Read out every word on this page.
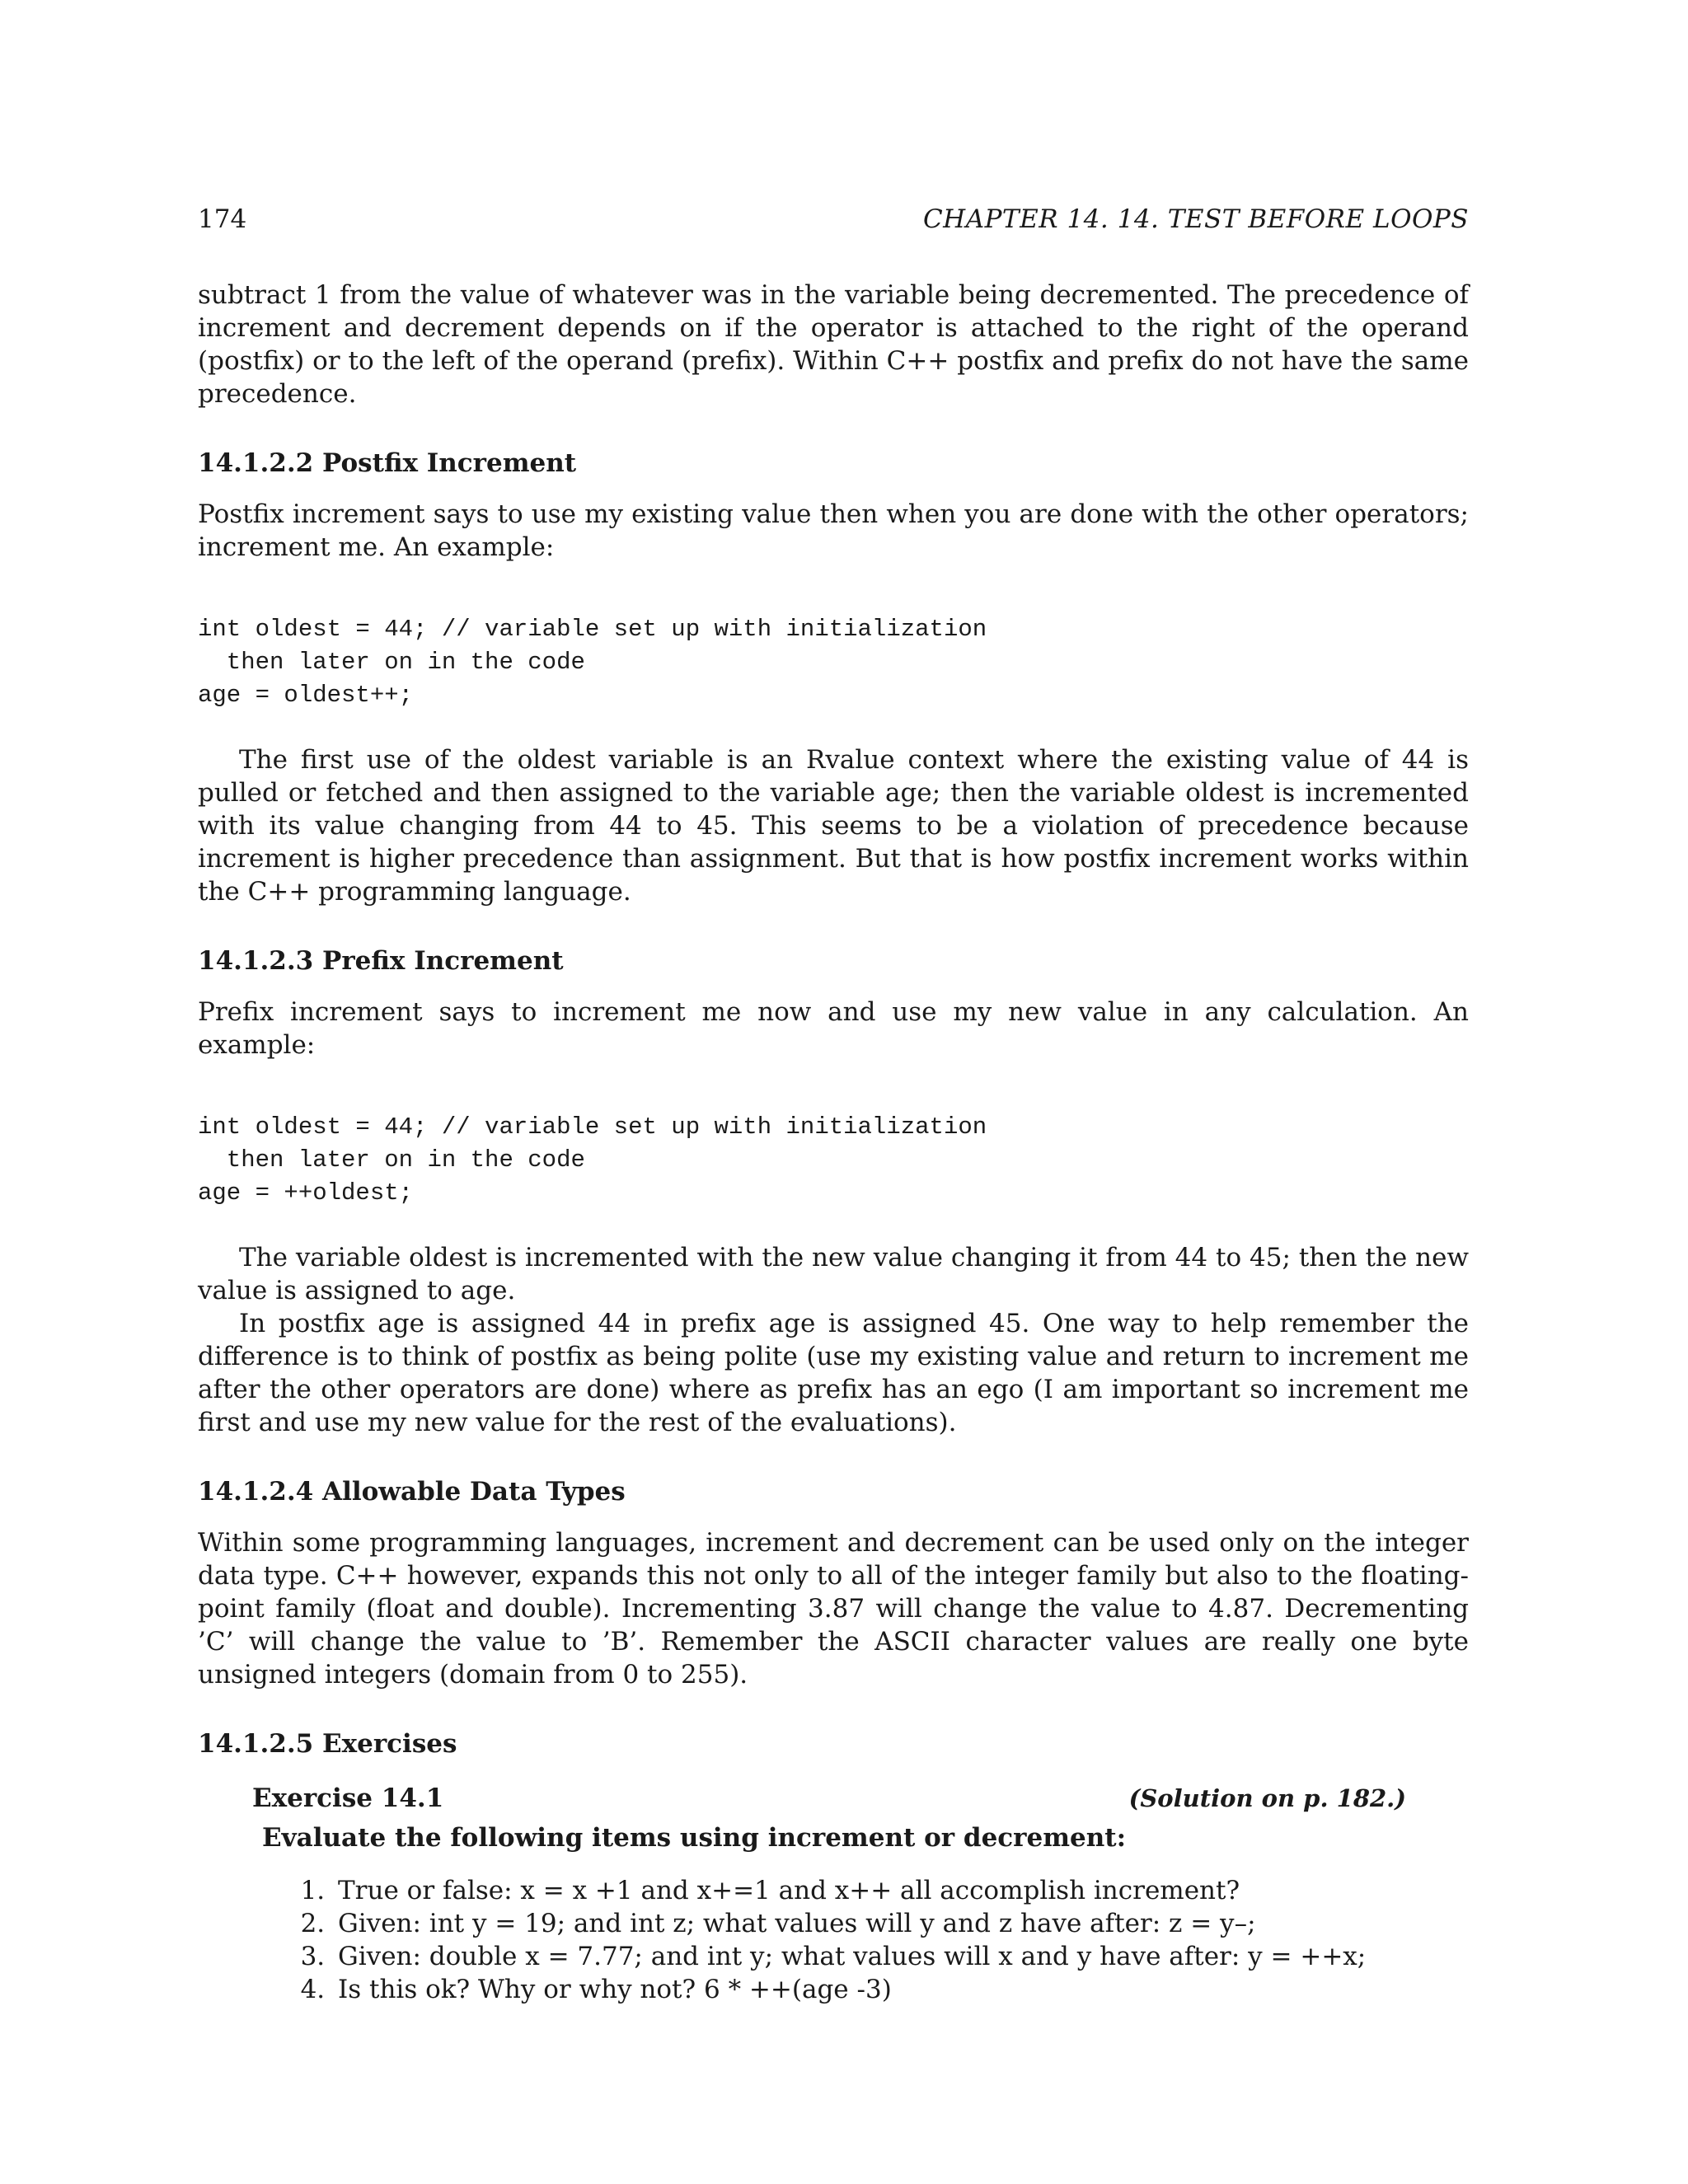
174	CHAPTER 14. 14. TEST BEFORE LOOPS

subtract 1 from the value of whatever was in the variable being decremented. The precedence of increment and decrement depends on if the operator is attached to the right of the operand (postfix) or to the left of the operand (prefix). Within C++ postfix and prefix do not have the same precedence.

14.1.2.2 Postfix Increment

Postfix increment says to use my existing value then when you are done with the other operators; increment me. An example:

int oldest = 44; // variable set up with initialization
then later on in the code
age = oldest++;

The first use of the oldest variable is an Rvalue context where the existing value of 44 is pulled or fetched and then assigned to the variable age; then the variable oldest is incremented with its value changing from 44 to 45. This seems to be a violation of precedence because increment is higher precedence than assignment. But that is how postfix increment works within the C++ programming language.

14.1.2.3 Prefix Increment

Prefix increment says to increment me now and use my new value in any calculation. An example:

int oldest = 44; // variable set up with initialization
then later on in the code
age = ++oldest;

The variable oldest is incremented with the new value changing it from 44 to 45; then the new value is assigned to age.

In postfix age is assigned 44 in prefix age is assigned 45. One way to help remember the difference is to think of postfix as being polite (use my existing value and return to increment me after the other operators are done) where as prefix has an ego (I am important so increment me first and use my new value for the rest of the evaluations).

14.1.2.4 Allowable Data Types

Within some programming languages, increment and decrement can be used only on the integer data type. C++ however, expands this not only to all of the integer family but also to the floating-point family (float and double). Incrementing 3.87 will change the value to 4.87. Decrementing ’C’ will change the value to ’B’. Remember the ASCII character values are really one byte unsigned integers (domain from 0 to 255).

14.1.2.5 Exercises
Exercise 14.1	(Solution on p. 182.)
Evaluate the following items using increment or decrement:
1. True or false: x = x +1 and x+=1 and x++ all accomplish increment?
2. Given: int y = 19; and int z; what values will y and z have after: z = y–;
3. Given: double x = 7.77; and int y; what values will x and y have after: y = ++x;
4. Is this ok? Why or why not? 6 * ++(age -3)
